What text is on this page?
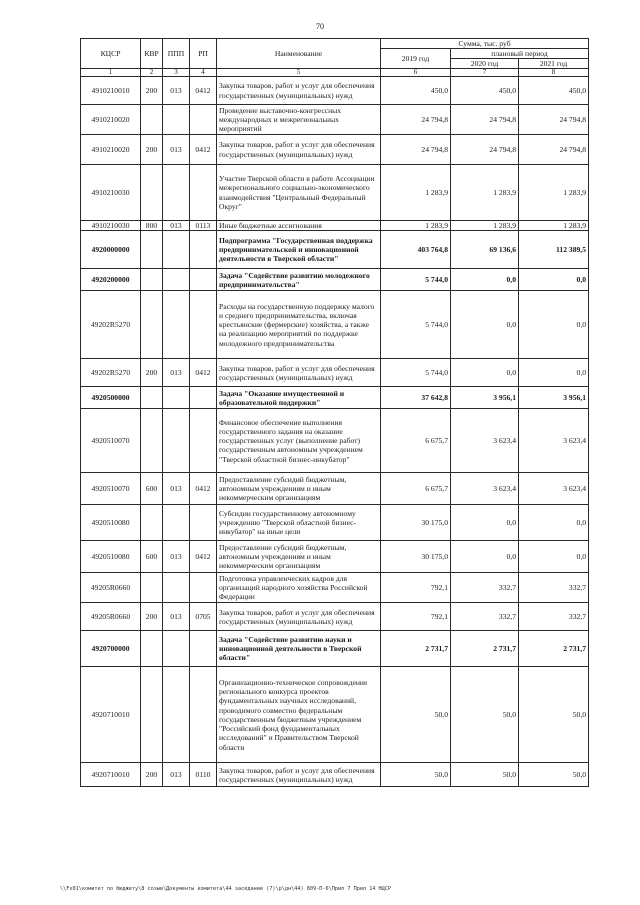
70
КЦСР	КВР	ППП	РП	Наименование	Сумма, тыс. руб		
					2019 год	плановый период	
						2020 год	2021 год
1	2	3	4	5	6	7	8
4910210010	200	013	0412	Закупка товаров, работ и услуг для обеспечения государственных (муниципальных) нужд	450,0	450,0	450,0
4910210020				Проведение выставочно-конгрессных международных и межрегиональных мероприятий	24 794,8	24 794,8	24 794,8
4910210020	200	013	0412	Закупка товаров, работ и услуг для обеспечения государственных (муниципальных) нужд	24 794,8	24 794,8	24 794,8
4910210030				Участие Тверской области в работе Ассоциации межрегионального социально-экономического взаимодействия "Центральный Федеральный Округ"	1 283,9	1 283,9	1 283,9
4910210030	800	013	0113	Иные бюджетные ассигнования	1 283,9	1 283,9	1 283,9
4920000000				Подпрограмма "Государственная поддержка предпринимательской и инновационной деятельности в Тверской области"	403 764,8	69 136,6	112 389,5
4920200000				Задача "Содействие развитию молодежного предпринимательства"	5 744,0	0,0	0,0
49202R5270				Расходы на государственную поддержку малого и среднего предпринимательства, включая крестьянские (фермерские) хозяйства, а также на реализацию мероприятий по поддержке молодежного предпринимательства	5 744,0	0,0	0,0
49202R5270	200	013	0412	Закупка товаров, работ и услуг для обеспечения государственных (муниципальных) нужд	5 744,0	0,0	0,0
4920500000				Задача "Оказание имущественной и образовательной поддержки"	37 642,8	3 956,1	3 956,1
4920510070				Финансовое обеспечение выполнения государственного задания на оказание государственных услуг (выполнение работ) государственным автономным учреждением "Тверской областной бизнес-инкубатор"	6 675,7	3 623,4	3 623,4
4920510070	600	013	0412	Предоставление субсидий бюджетным, автономным учреждениям и иным некоммерческим организациям	6 675,7	3 623,4	3 623,4
4920510080				Субсидии государственному автономному учреждению "Тверской областной бизнес-инкубатор" на иные цели	30 175,0	0,0	0,0
4920510080	600	013	0412	Предоставление субсидий бюджетным, автономным учреждениям и иным некоммерческим организациям	30 175,0	0,0	0,0
49205R0660				Подготовка управленческих кадров для организаций народного хозяйства Российской Федерации	792,1	332,7	332,7
49205R0660	200	013	0705	Закупка товаров, работ и услуг для обеспечения государственных (муниципальных) нужд	792,1	332,7	332,7
4920700000				Задача "Содействие развитию науки и инновационной деятельности в Тверской области"	2 731,7	2 731,7	2 731,7
4920710010				Организационно-техническое сопровождение регионального конкурса проектов фундаментальных научных исследований, проводимого совместно федеральным государственным бюджетным учреждением "Российский фонд фундаментальных исследований" и Правительством Тверской области	50,0	50,0	50,0
4920710010	200	013	0110	Закупка товаров, работ и услуг для обеспечения государственных (муниципальных) нужд	50,0	50,0	50,0
\\Fs01\комитет по бюджету\8 созыв\Документы комитета\44 заседание (7)\р\дн\44) 809-П-6\Прил 7 Прил 14 НЦСР
